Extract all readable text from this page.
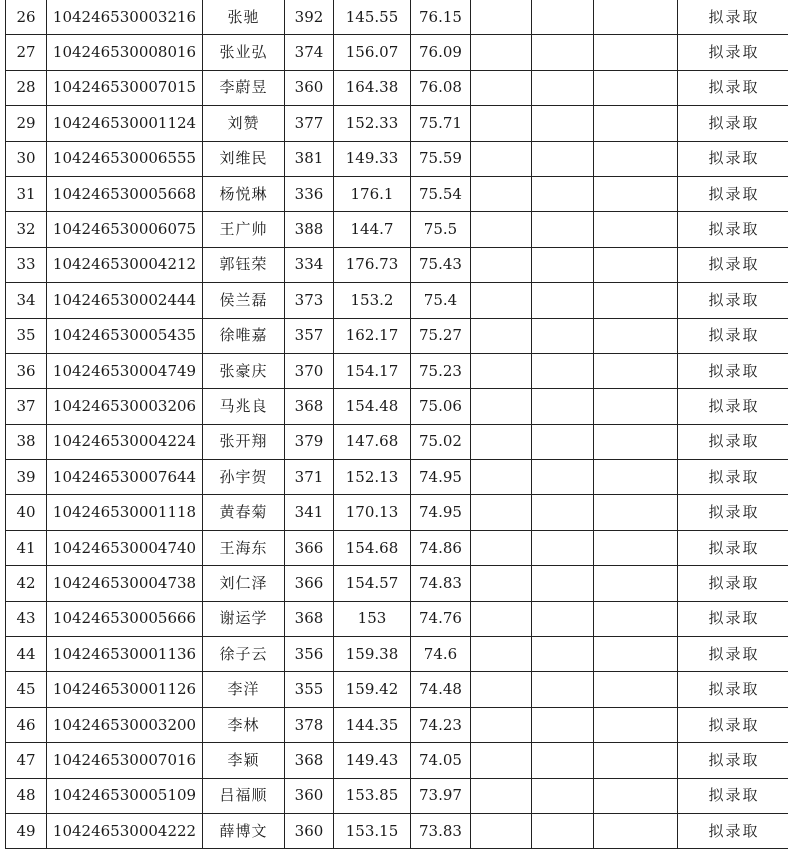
26	104246530003216	张驰	392	145.55	76.15				拟录取
27	104246530008016	张业弘	374	156.07	76.09				拟录取
28	104246530007015	李蔚昱	360	164.38	76.08				拟录取
29	104246530001124	刘赞	377	152.33	75.71				拟录取
30	104246530006555	刘维民	381	149.33	75.59				拟录取
31	104246530005668	杨悦琳	336	176.1	75.54				拟录取
32	104246530006075	王广帅	388	144.7	75.5				拟录取
33	104246530004212	郭钰荣	334	176.73	75.43				拟录取
34	104246530002444	侯兰磊	373	153.2	75.4				拟录取
35	104246530005435	徐唯嘉	357	162.17	75.27				拟录取
36	104246530004749	张豪庆	370	154.17	75.23				拟录取
37	104246530003206	马兆良	368	154.48	75.06				拟录取
38	104246530004224	张开翔	379	147.68	75.02				拟录取
39	104246530007644	孙宇贺	371	152.13	74.95				拟录取
40	104246530001118	黄春菊	341	170.13	74.95				拟录取
41	104246530004740	王海东	366	154.68	74.86				拟录取
42	104246530004738	刘仁泽	366	154.57	74.83				拟录取
43	104246530005666	谢运学	368	153	74.76				拟录取
44	104246530001136	徐子云	356	159.38	74.6				拟录取
45	104246530001126	李洋	355	159.42	74.48				拟录取
46	104246530003200	李林	378	144.35	74.23				拟录取
47	104246530007016	李颖	368	149.43	74.05				拟录取
48	104246530005109	吕福顺	360	153.85	73.97				拟录取
49	104246530004222	薛博文	360	153.15	73.83				拟录取
